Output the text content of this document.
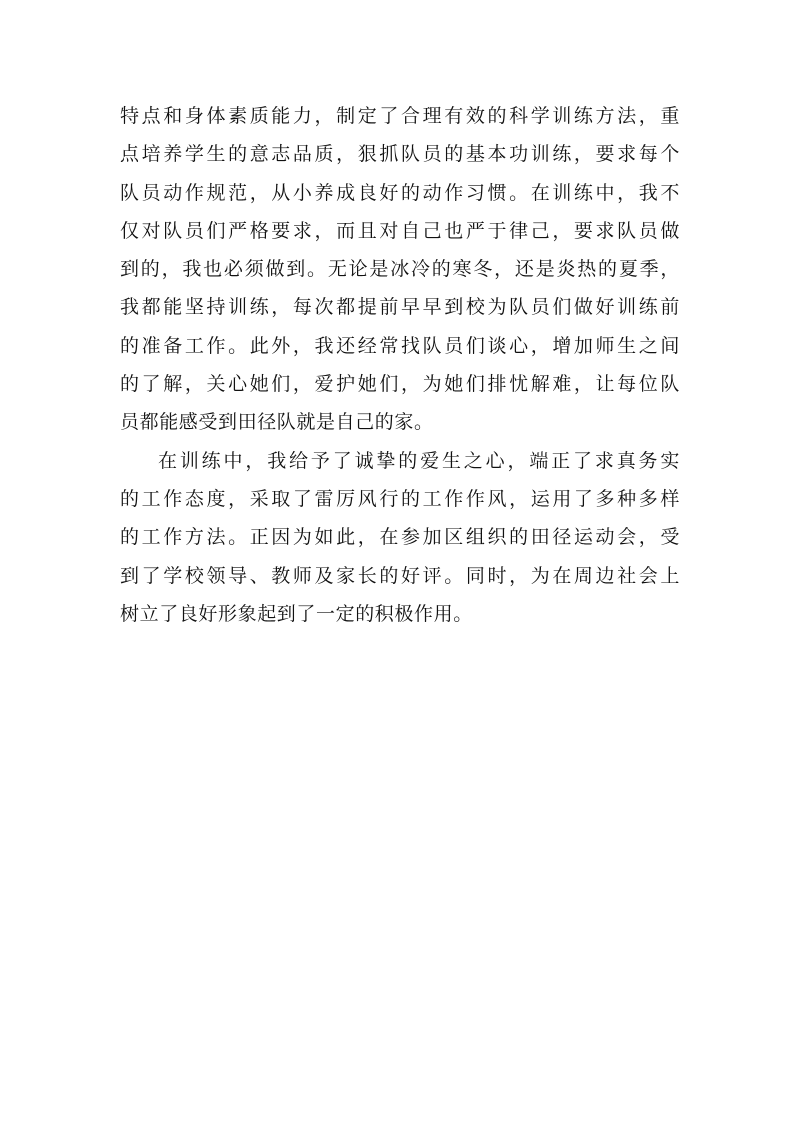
特点和身体素质能力，制定了合理有效的科学训练方法，重
点培养学生的意志品质，狠抓队员的基本功训练，要求每个
队员动作规范，从小养成良好的动作习惯。在训练中，我不
仅对队员们严格要求，而且对自己也严于律己，要求队员做
到的，我也必须做到。无论是冰冷的寒冬，还是炎热的夏季，
我都能坚持训练，每次都提前早早到校为队员们做好训练前
的准备工作。此外，我还经常找队员们谈心，增加师生之间
的了解，关心她们，爱护她们，为她们排忧解难，让每位队
员都能感受到田径队就是自己的家。
在训练中，我给予了诚挚的爱生之心，端正了求真务实
的工作态度，采取了雷厉风行的工作作风，运用了多种多样
的工作方法。正因为如此，在参加区组织的田径运动会，受
到了学校领导、教师及家长的好评。同时，为在周边社会上
树立了良好形象起到了一定的积极作用。
